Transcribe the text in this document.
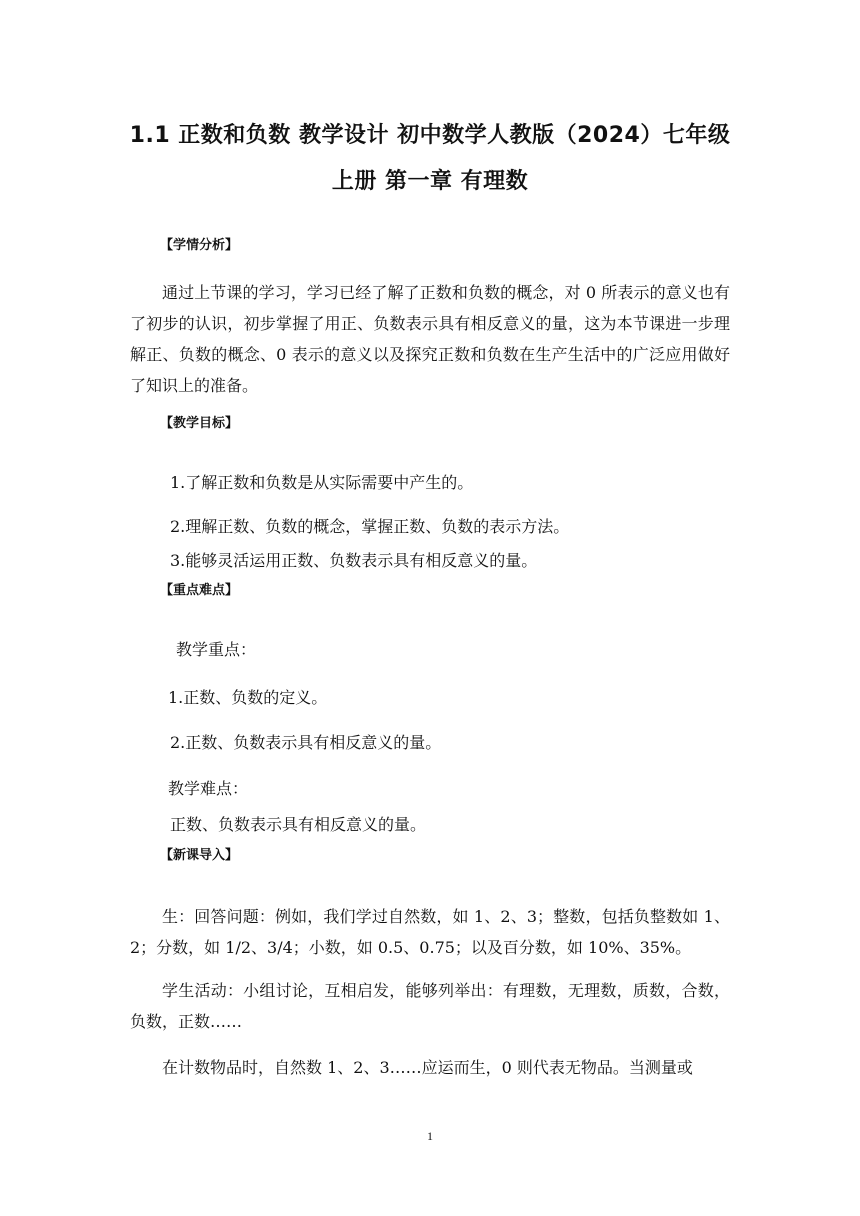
1.1 正数和负数 教学设计 初中数学人教版（2024）七年级
上册 第一章 有理数
【学情分析】
通过上节课的学习，学习已经了解了正数和负数的概念，对 0 所表示的意义也有了初步的认识，初步掌握了用正、负数表示具有相反意义的量，这为本节课进一步理解正、负数的概念、0 表示的意义以及探究正数和负数在生产生活中的广泛应用做好了知识上的准备。
【教学目标】
1.了解正数和负数是从实际需要中产生的。
2.理解正数、负数的概念，掌握正数、负数的表示方法。
3.能够灵活运用正数、负数表示具有相反意义的量。
【重点难点】
教学重点：
1.正数、负数的定义。
2.正数、负数表示具有相反意义的量。
教学难点：
正数、负数表示具有相反意义的量。
【新课导入】
生：回答问题：例如，我们学过自然数，如 1、2、3；整数，包括负整数如 1、2；分数，如 1/2、3/4；小数，如 0.5、0.75；以及百分数，如 10%、35%。
学生活动：小组讨论，互相启发，能够列举出：有理数，无理数，质数，合数，负数，正数……
在计数物品时，自然数 1、2、3……应运而生，0 则代表无物品。当测量或
1
